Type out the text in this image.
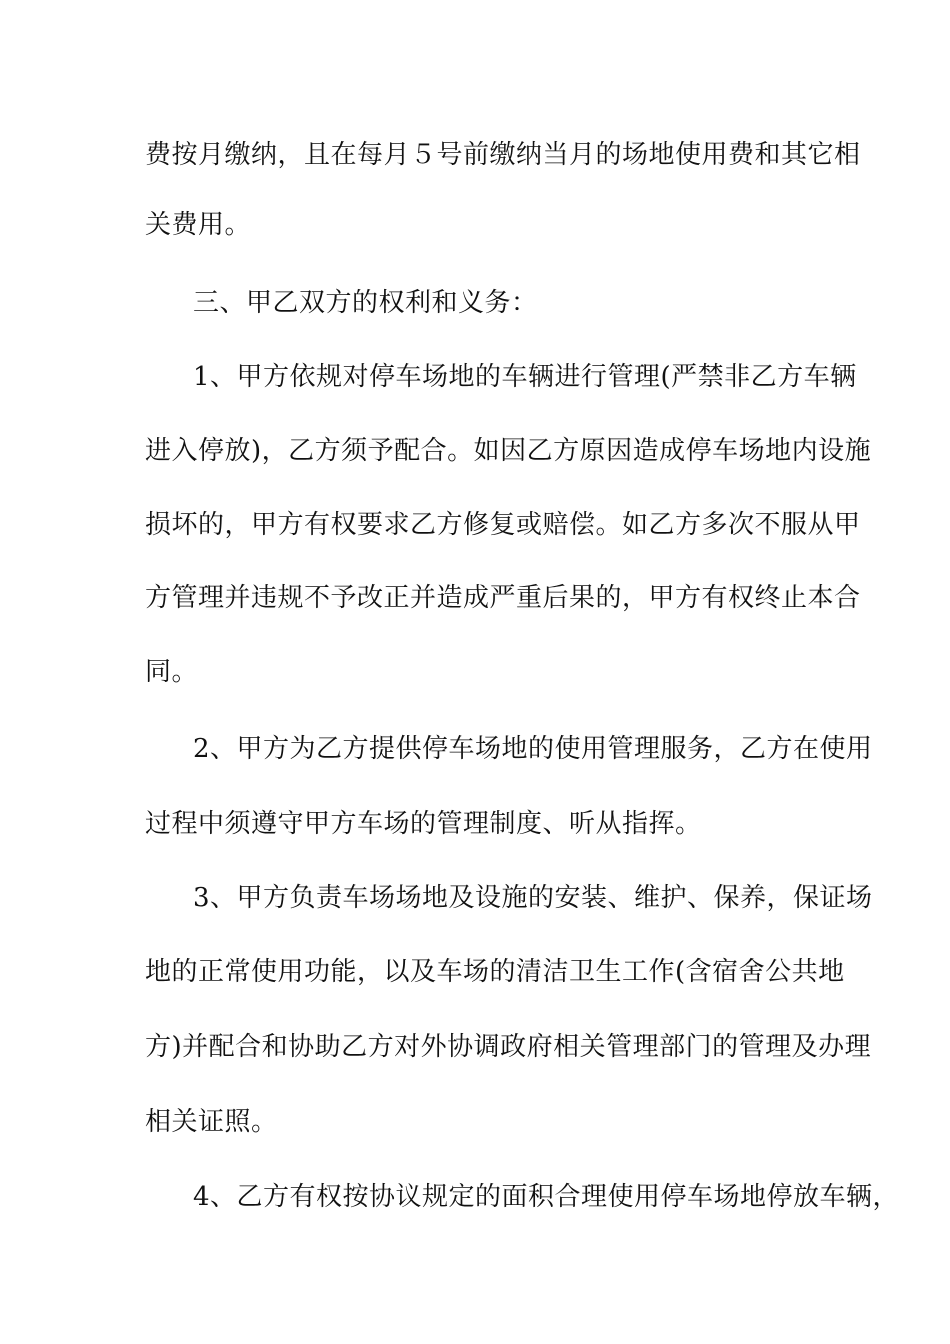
费按月缴纳，且在每月５号前缴纳当月的场地使用费和其它相
关费用。
三、甲乙双方的权利和义务：
1、甲方依规对停车场地的车辆进行管理(严禁非乙方车辆
进入停放)，乙方须予配合。如因乙方原因造成停车场地内设施
损坏的，甲方有权要求乙方修复或赔偿。如乙方多次不服从甲
方管理并违规不予改正并造成严重后果的，甲方有权终止本合
同。
2、甲方为乙方提供停车场地的使用管理服务，乙方在使用
过程中须遵守甲方车场的管理制度、听从指挥。
3、甲方负责车场场地及设施的安装、维护、保养，保证场
地的正常使用功能，以及车场的清洁卫生工作(含宿舍公共地
方)并配合和协助乙方对外协调政府相关管理部门的管理及办理
相关证照。
4、乙方有权按协议规定的面积合理使用停车场地停放车辆，
